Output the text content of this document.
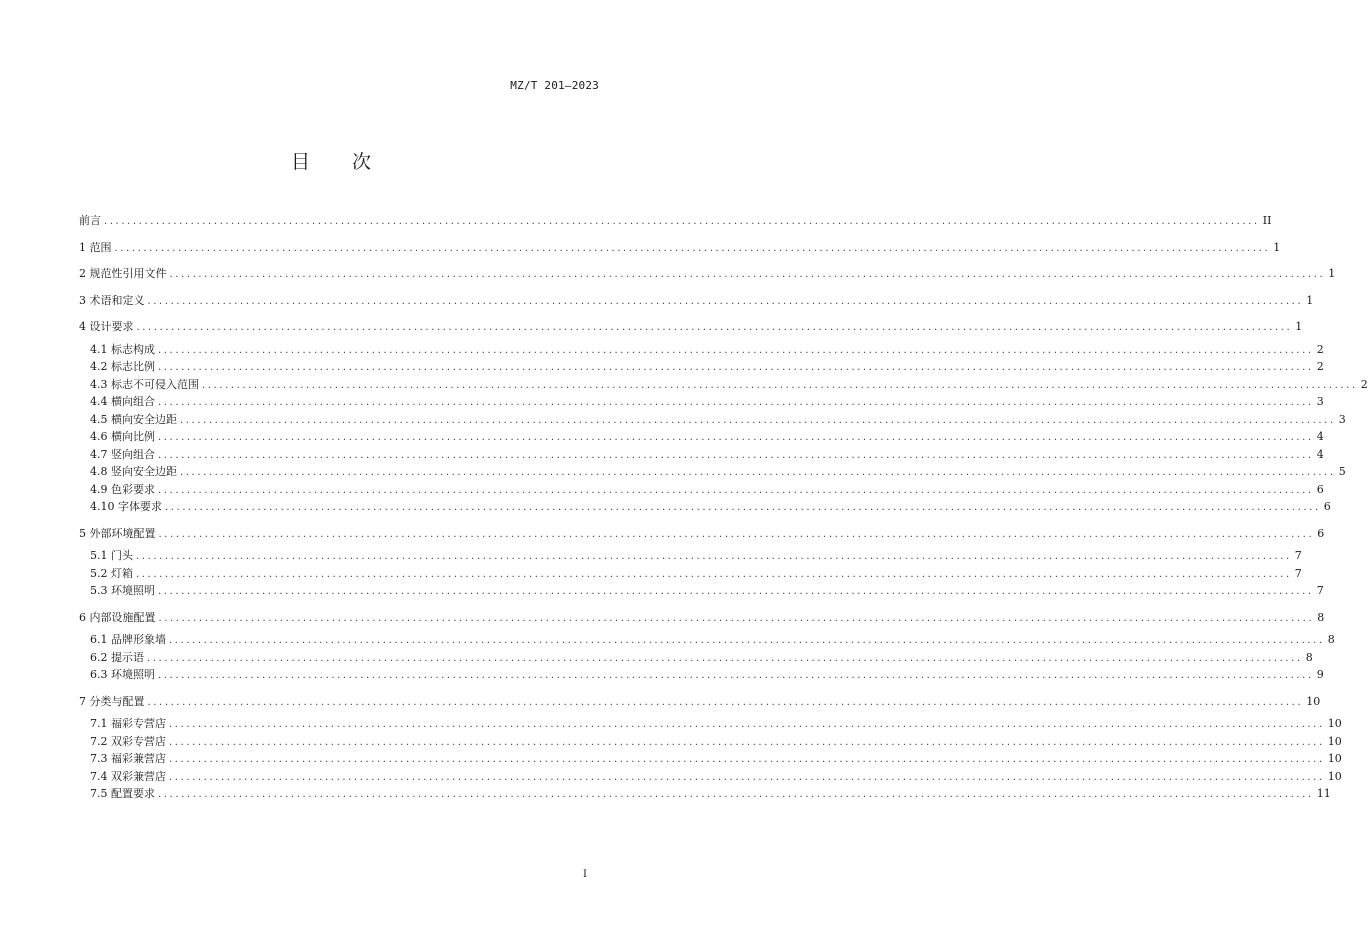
MZ/T 201—2023
目 次
前言 ........................................................................................................................................................................................................ II
1
范围 ........................................................................................................................................................................................................ 1
2
规范性引用文件 ........................................................................................................................................................................................................ 1
3
术语和定义 ........................................................................................................................................................................................................ 1
4
设计要求 ........................................................................................................................................................................................................ 1
4.1
标志构成 ........................................................................................................................................................................................................ 2
4.2
标志比例 ........................................................................................................................................................................................................ 2
4.3
标志不可侵入范围 ........................................................................................................................................................................................................ 2
4.4
横向组合 ........................................................................................................................................................................................................ 3
4.5
横向安全边距 ........................................................................................................................................................................................................ 3
4.6
横向比例 ........................................................................................................................................................................................................ 4
4.7
竖向组合 ........................................................................................................................................................................................................ 4
4.8
竖向安全边距 ........................................................................................................................................................................................................ 5
4.9
色彩要求 ........................................................................................................................................................................................................ 6
4.10
字体要求 ........................................................................................................................................................................................................ 6
5
外部环境配置 ........................................................................................................................................................................................................ 6
5.1
门头 ........................................................................................................................................................................................................ 7
5.2
灯箱 ........................................................................................................................................................................................................ 7
5.3
环境照明 ........................................................................................................................................................................................................ 7
6
内部设施配置 ........................................................................................................................................................................................................ 8
6.1
品牌形象墙 ........................................................................................................................................................................................................ 8
6.2
提示语 ........................................................................................................................................................................................................ 8
6.3
环境照明 ........................................................................................................................................................................................................ 9
7
分类与配置 ........................................................................................................................................................................................................ 10
7.1
福彩专营店 ........................................................................................................................................................................................................ 10
7.2
双彩专营店 ........................................................................................................................................................................................................ 10
7.3
福彩兼营店 ........................................................................................................................................................................................................ 10
7.4
双彩兼营店 ........................................................................................................................................................................................................ 10
7.5
配置要求 ........................................................................................................................................................................................................ 11
I
